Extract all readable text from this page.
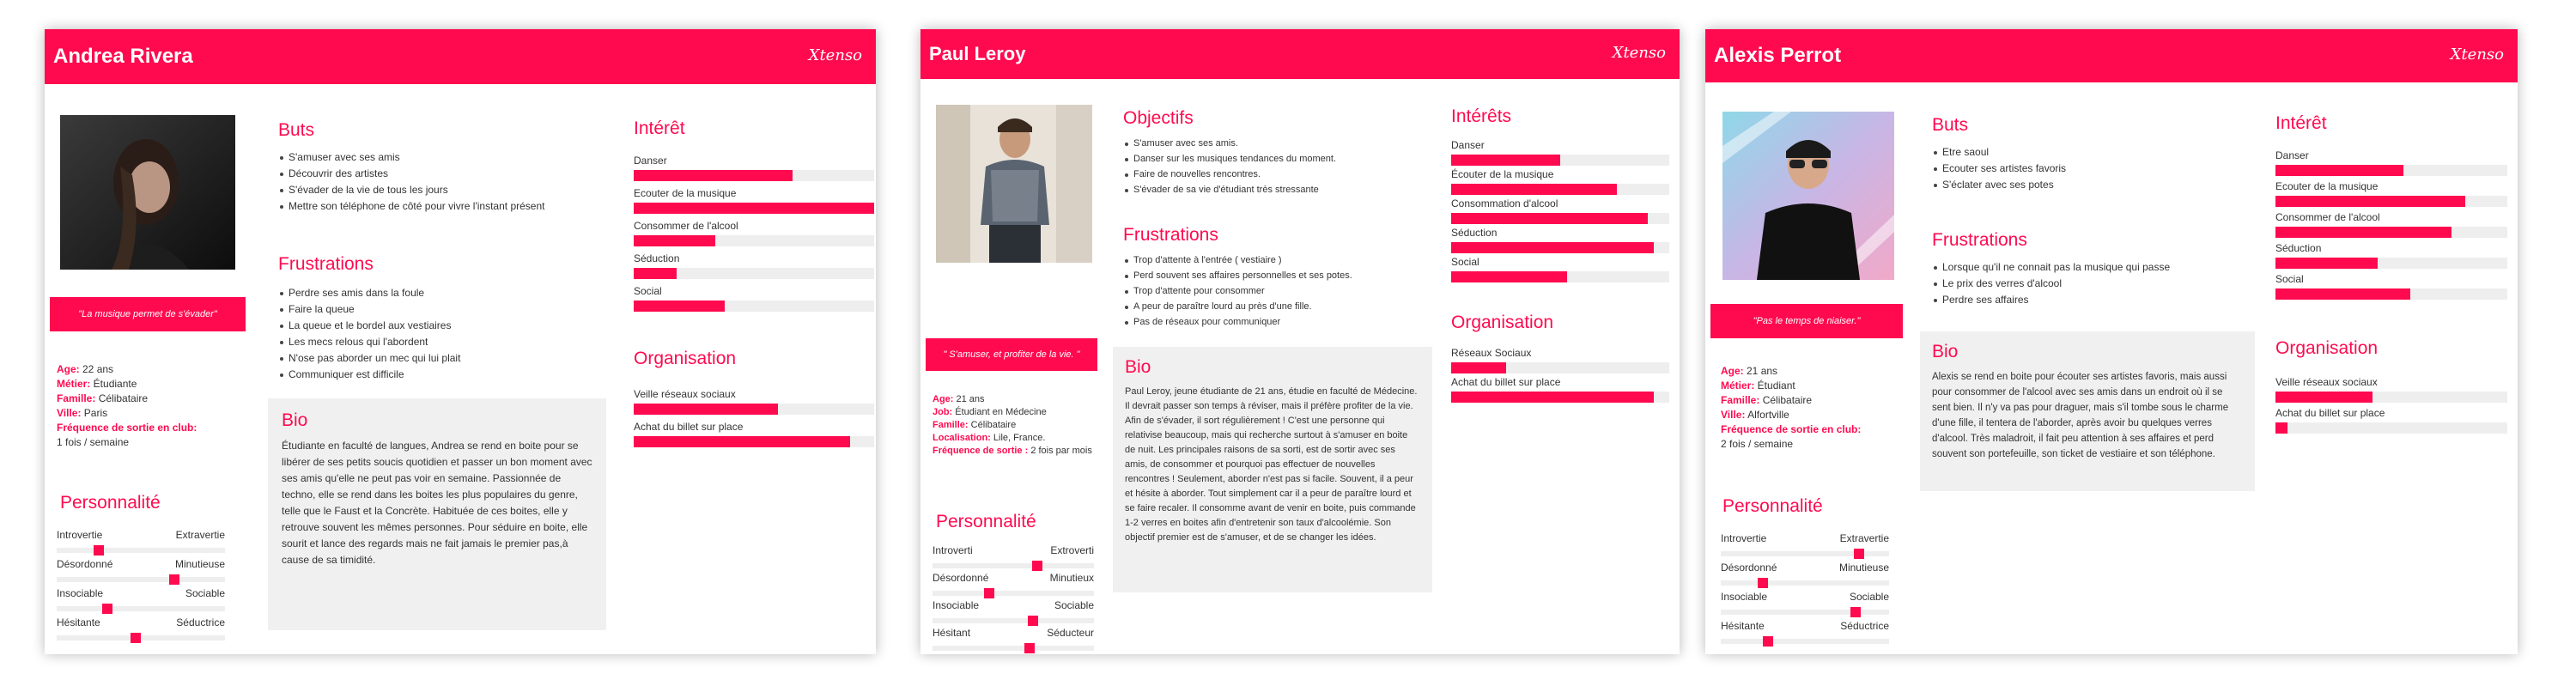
Andrea Rivera	Xtenso
"La musique permet de s'évader"
Age: 22 ans
Métier: Étudiante
Famille: Célibataire
Ville: Paris
Fréquence de sortie en club:
1 fois / semaine
Personnalité
Introvertie	Extravertie
Désordonné	Minutieuse
Insociable	Sociable
Hésitante	Séductrice
Buts
S'amuser avec ses amis
Découvrir des artistes
S'évader de la vie de tous les jours
Mettre son téléphone de côté pour vivre l'instant présent
Frustrations
Perdre ses amis dans la foule
Faire la queue
La queue et le bordel aux vestiaires
Les mecs relous qui l'abordent
N'ose pas aborder un mec qui lui plait
Communiquer est difficile
Bio
Étudiante en faculté de langues, Andrea se rend en boite pour se libérer de ses petits soucis quotidien et passer un bon moment avec ses amis qu'elle ne peut pas voir en semaine. Passionnée de techno, elle se rend dans les boites les plus populaires du genre, telle que le Faust et la Concrète. Habituée de ces boites, elle y retrouve souvent les mêmes personnes. Pour séduire en boite, elle sourit et lance des regards mais ne fait jamais le premier pas,à cause de sa timidité.
Intérêt
Danser
Ecouter de la musique
Consommer de l'alcool
Séduction
Social
Organisation
Veille réseaux sociaux
Achat du billet sur place
Paul Leroy	Xtenso
" S'amuser, et profiter de la vie. "
Age: 21 ans
Job: Étudiant en Médecine
Famille: Célibataire
Localisation: Lile, France.
Fréquence de sortie : 2 fois par mois
Personnalité
Introverti	Extroverti
Désordonné	Minutieux
Insociable	Sociable
Hésitant	Séducteur
Objectifs
S'amuser avec ses amis.
Danser sur les musiques tendances du moment.
Faire de nouvelles rencontres.
S'évader de sa vie d'étudiant très stressante
Frustrations
Trop d'attente à l'entrée ( vestiaire )
Perd souvent ses affaires personnelles et ses potes.
Trop d'attente pour consommer
A peur de paraître lourd au près d'une fille.
Pas de réseaux pour communiquer
Bio
Paul Leroy, jeune étudiante de 21 ans, étudie en faculté de Médecine. Il devrait passer son temps à réviser, mais il préfère profiter de la vie. Afin de s'évader, il sort régulièrement ! C'est une personne qui relativise beaucoup, mais qui recherche surtout à s'amuser en boite de nuit. Les principales raisons de sa sorti, est de sortir avec ses amis, de consommer et pourquoi pas effectuer de nouvelles rencontres ! Seulement, aborder n'est pas si facile. Souvent, il a peur et hésite à aborder. Tout simplement car il a peur de paraître lourd et se faire recaler. Il consomme avant de venir en boite, puis commande 1-2 verres en boites afin d'entretenir son taux d'alcoolémie. Son objectif premier est de s'amuser, et de se changer les idées.
Intérêts
Danser
Écouter de la musique
Consommation d'alcool
Séduction
Social
Organisation
Réseaux Sociaux
Achat du billet sur place
Alexis Perrot	Xtenso
"Pas le temps de niaiser."
Age: 21 ans
Métier: Étudiant
Famille: Célibataire
Ville: Alfortville
Fréquence de sortie en club:
2 fois / semaine
Personnalité
Introvertie	Extravertie
Désordonné	Minutieuse
Insociable	Sociable
Hésitante	Séductrice
Buts
Etre saoul
Ecouter ses artistes favoris
S'éclater avec ses potes
Frustrations
Lorsque qu'il ne connait pas la musique qui passe
Le prix des verres d'alcool
Perdre ses affaires
Bio
Alexis se rend en boite pour écouter ses artistes favoris, mais aussi pour consommer de l'alcool avec ses amis dans un endroit où il se sent bien. Il n'y va pas pour draguer, mais s'il tombe sous le charme d'une fille, il tentera de l'aborder, après avoir bu quelques verres d'alcool. Très maladroit, il fait peu attention à ses affaires et perd souvent son portefeuille, son ticket de vestiaire et son téléphone.
Intérêt
Danser
Ecouter de la musique
Consommer de l'alcool
Séduction
Social
Organisation
Veille réseaux sociaux
Achat du billet sur place
